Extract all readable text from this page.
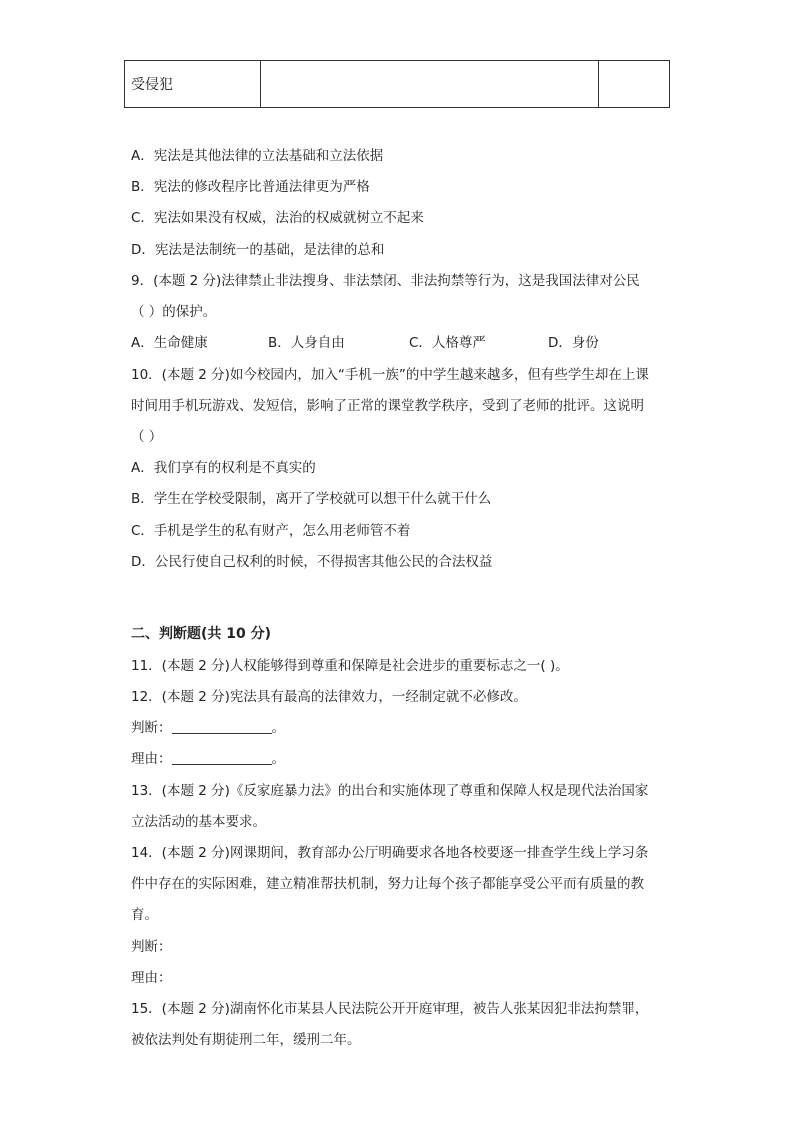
受侵犯		
A．宪法是其他法律的立法基础和立法依据
B．宪法的修改程序比普通法律更为严格
C．宪法如果没有权威，法治的权威就树立不起来
D．宪法是法制统一的基础，是法律的总和
9．(本题 2 分)法律禁止非法搜身、非法禁闭、非法拘禁等行为，这是我国法律对公民
（ ）的保护。
A．生命健康	B．人身自由	C．人格尊严	D．身份
10．(本题 2 分)如今校园内，加入“手机一族”的中学生越来越多，但有些学生却在上课
时间用手机玩游戏、发短信，影响了正常的课堂教学秩序，受到了老师的批评。这说明
（ ）
A．我们享有的权利是不真实的
B．学生在学校受限制，离开了学校就可以想干什么就干什么
C．手机是学生的私有财产，怎么用老师管不着
D．公民行使自己权利的时候，不得损害其他公民的合法权益
二、判断题(共 10 分)
11．(本题 2 分)人权能够得到尊重和保障是社会进步的重要标志之一( )。
12．(本题 2 分)宪法具有最高的法律效力，一经制定就不必修改。
判断：	。
理由：	。
13．(本题 2 分)《反家庭暴力法》的出台和实施体现了尊重和保障人权是现代法治国家
立法活动的基本要求。
14．(本题 2 分)网课期间，教育部办公厅明确要求各地各校要逐一排查学生线上学习条
件中存在的实际困难，建立精准帮扶机制，努力让每个孩子都能享受公平而有质量的教
育。
判断：
理由：
15．(本题 2 分)湖南怀化市某县人民法院公开开庭审理，被告人张某因犯非法拘禁罪，
被依法判处有期徒刑二年，缓刑二年。
